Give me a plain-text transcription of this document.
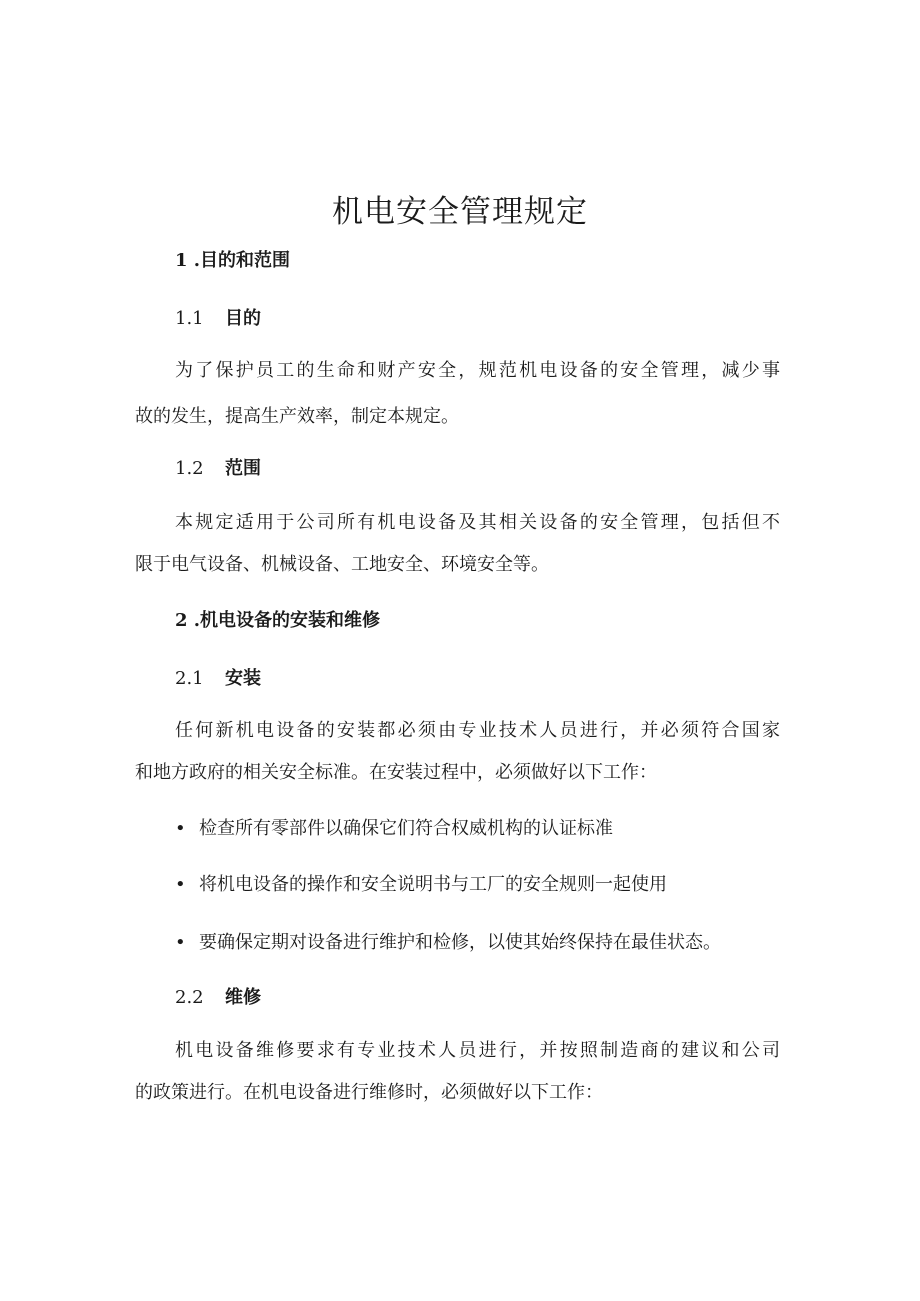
机电安全管理规定
1 .目的和范围
1.1 目的
为了保护员工的生命和财产安全，规范机电设备的安全管理，减少事
故的发生，提高生产效率，制定本规定。
1.2 范围
本规定适用于公司所有机电设备及其相关设备的安全管理，包括但不
限于电气设备、机械设备、工地安全、环境安全等。
2 .机电设备的安装和维修
2.1 安装
任何新机电设备的安装都必须由专业技术人员进行，并必须符合国家
和地方政府的相关安全标准。在安装过程中，必须做好以下工作：
• 检查所有零部件以确保它们符合权威机构的认证标准
• 将机电设备的操作和安全说明书与工厂的安全规则一起使用
• 要确保定期对设备进行维护和检修，以使其始终保持在最佳状态。
2.2 维修
机电设备维修要求有专业技术人员进行，并按照制造商的建议和公司
的政策进行。在机电设备进行维修时，必须做好以下工作：
